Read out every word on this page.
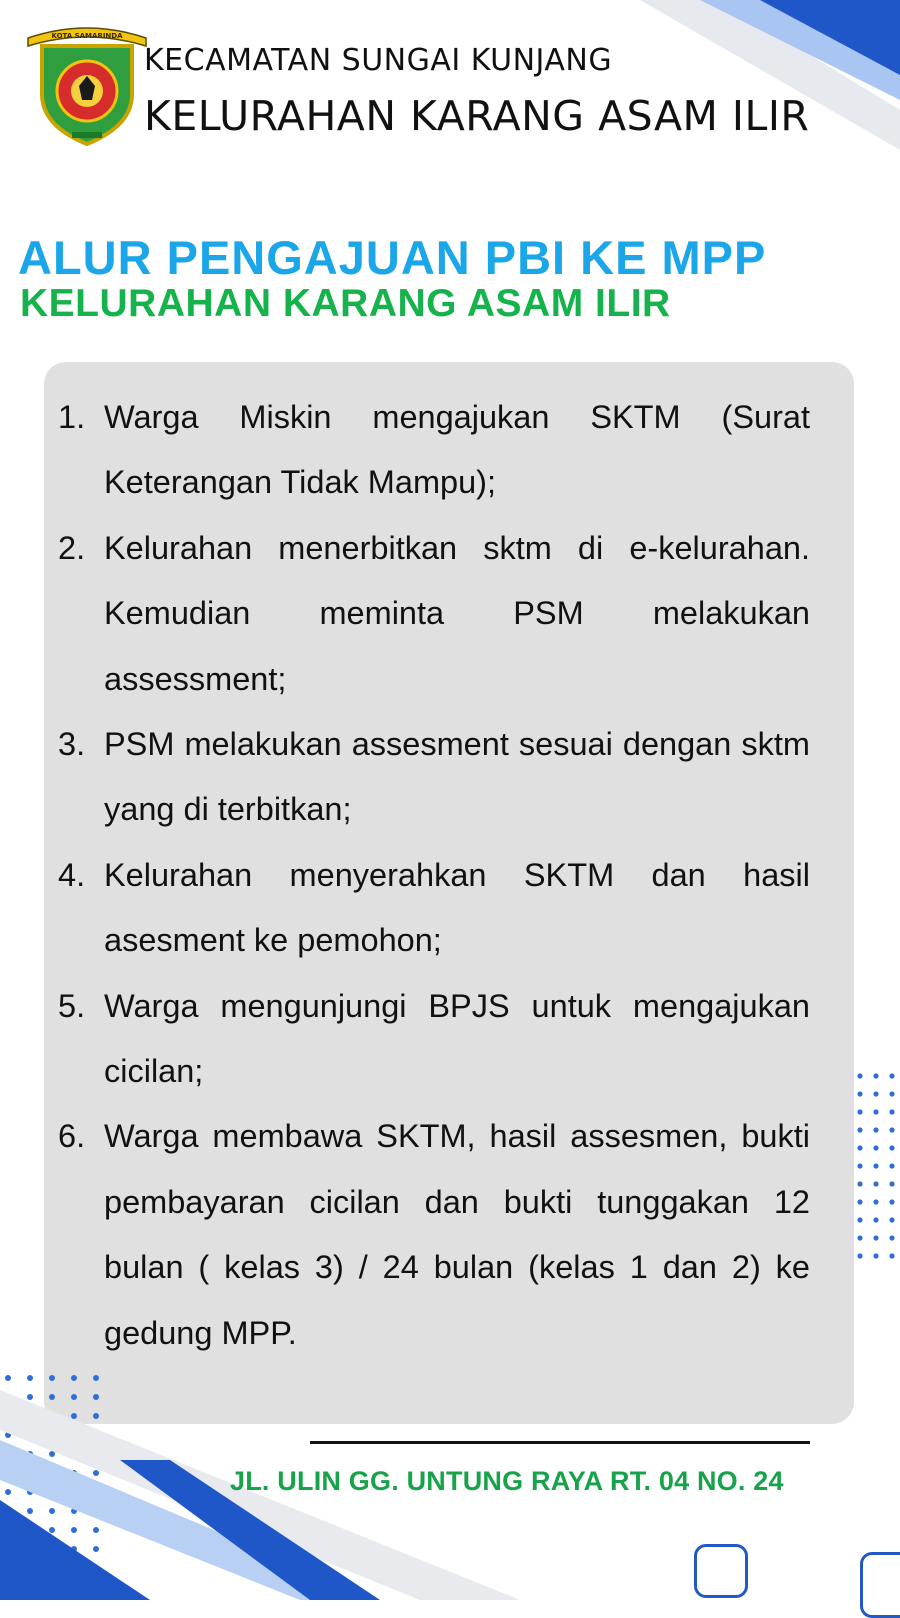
KOTA SAMARINDA
KECAMATAN SUNGAI KUNJANG
KELURAHAN KARANG ASAM ILIR
ALUR PENGAJUAN PBI KE MPP
KELURAHAN KARANG ASAM ILIR
1. Warga Miskin mengajukan SKTM (Surat Keterangan Tidak Mampu);
2. Kelurahan menerbitkan sktm di e-kelurahan. Kemudian meminta PSM melakukan assessment;
3. PSM melakukan assesment sesuai dengan sktm yang di terbitkan;
4. Kelurahan menyerahkan SKTM dan hasil asesment ke pemohon;
5. Warga mengunjungi BPJS untuk mengajukan cicilan;
6. Warga membawa SKTM, hasil assesmen, bukti pembayaran cicilan dan bukti tunggakan 12 bulan ( kelas 3) / 24 bulan (kelas 1 dan 2) ke gedung MPP.
JL. ULIN GG. UNTUNG RAYA RT. 04 NO. 24
